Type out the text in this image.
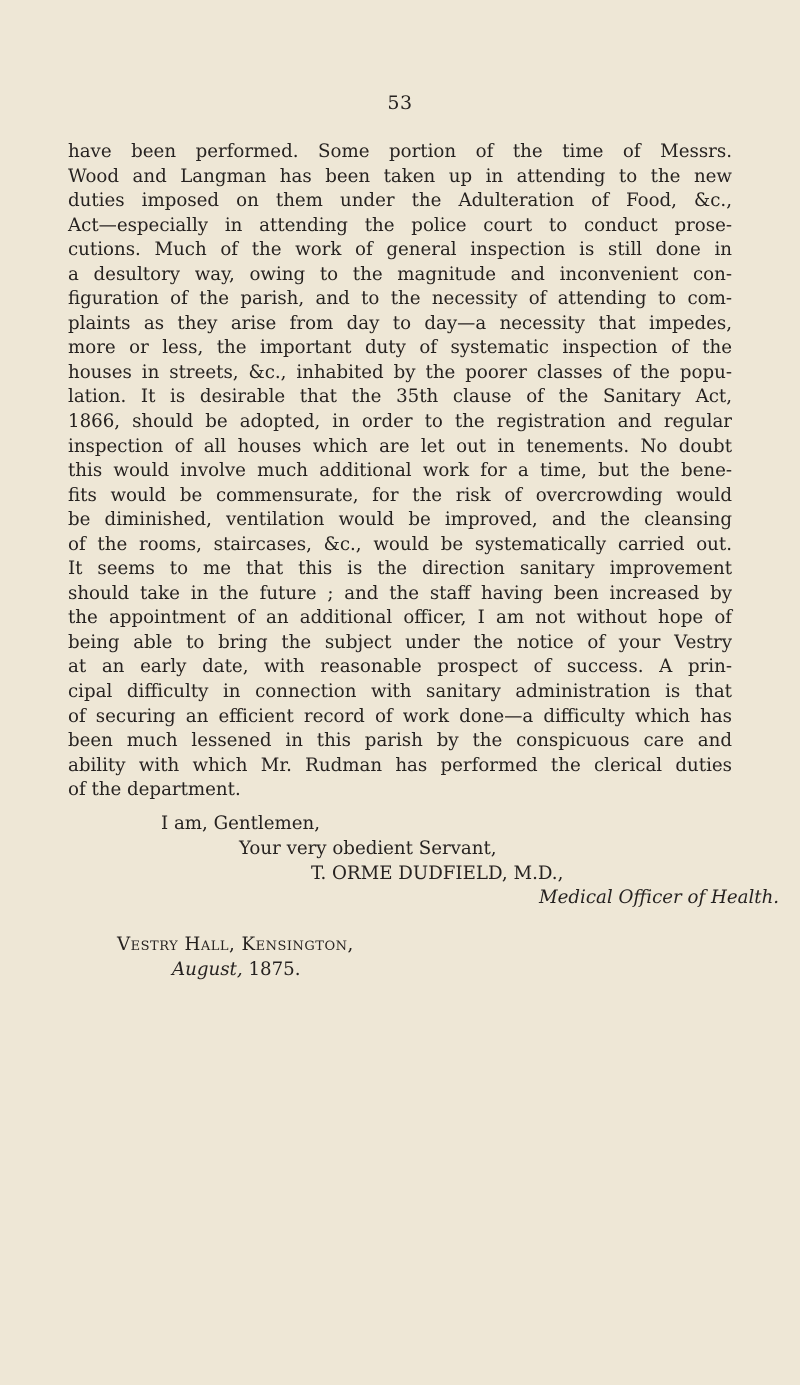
53
have been performed. Some portion of the time of Messrs.
Wood and Langman has been taken up in attending to the new
duties imposed on them under the Adulteration of Food, &c.,
Act—especially in attending the police court to conduct prose-
cutions. Much of the work of general inspection is still done in
a desultory way, owing to the magnitude and inconvenient con-
figuration of the parish, and to the necessity of attending to com-
plaints as they arise from day to day—a necessity that impedes,
more or less, the important duty of systematic inspection of the
houses in streets, &c., inhabited by the poorer classes of the popu-
lation. It is desirable that the 35th clause of the Sanitary Act,
1866, should be adopted, in order to the registration and regular
inspection of all houses which are let out in tenements. No doubt
this would involve much additional work for a time, but the bene-
fits would be commensurate, for the risk of overcrowding would
be diminished, ventilation would be improved, and the cleansing
of the rooms, staircases, &c., would be systematically carried out.
It seems to me that this is the direction sanitary improvement
should take in the future ; and the staff having been increased by
the appointment of an additional officer, I am not without hope of
being able to bring the subject under the notice of your Vestry
at an early date, with reasonable prospect of success. A prin-
cipal difficulty in connection with sanitary administration is that
of securing an efficient record of work done—a difficulty which has
been much lessened in this parish by the conspicuous care and
ability with which Mr. Rudman has performed the clerical duties
of the department.
I am, Gentlemen,
Your very obedient Servant,
T. ORME DUDFIELD, M.D.,
Medical Officer of Health.
Vestry Hall, Kensington,
August, 1875.
